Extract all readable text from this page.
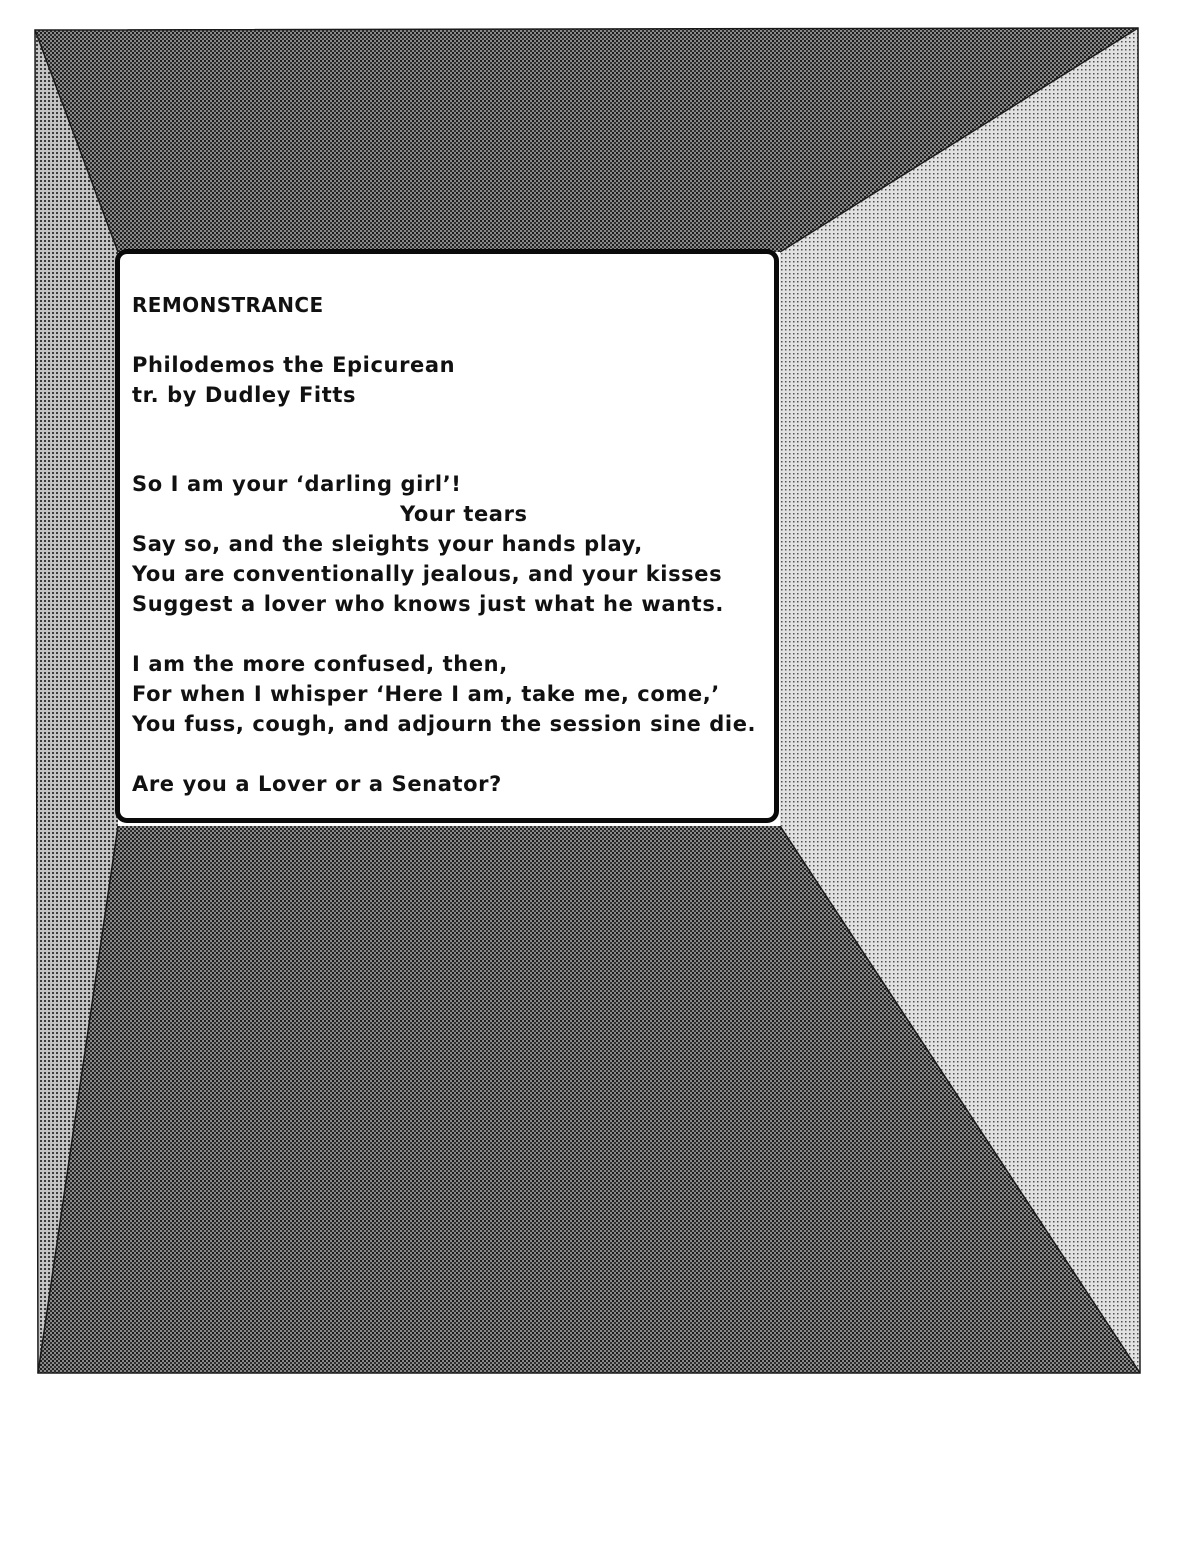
REMONSTRANCE
Philodemos the Epicurean
tr. by Dudley Fitts
So I am your ‘darling girl’!
Your tears
Say so, and the sleights your hands play,
You are conventionally jealous, and your kisses
Suggest a lover who knows just what he wants.
I am the more confused, then,
For when I whisper ‘Here I am, take me, come,’
You fuss, cough, and adjourn the session sine die.
Are you a Lover or a Senator?
